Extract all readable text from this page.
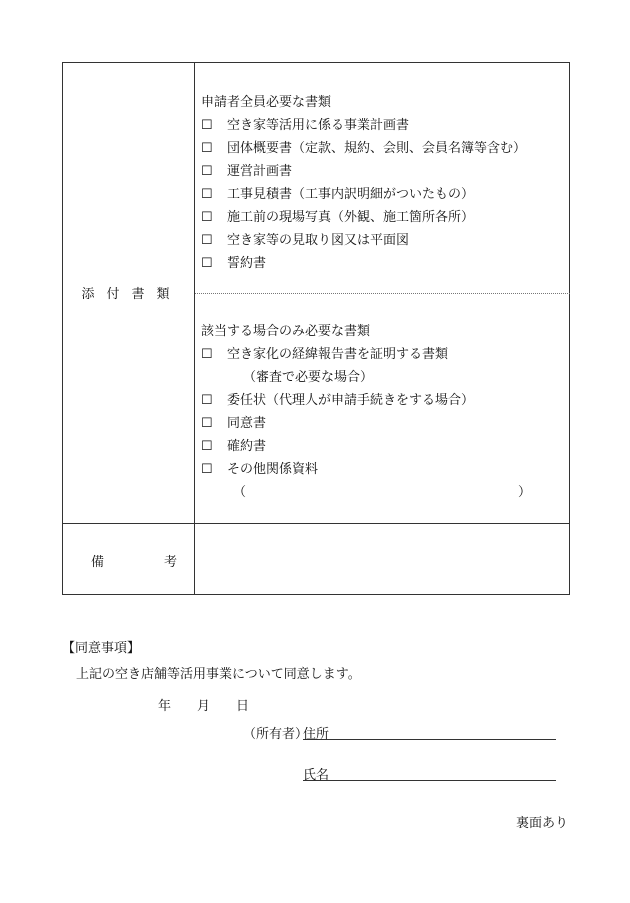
添付書類
備	考
申請者全員必要な書類
☐ 空き家等活用に係る事業計画書
☐ 団体概要書（定款、規約、会則、会員名簿等含む）
☐ 運営計画書
☐ 工事見積書（工事内訳明細がついたもの）
☐ 施工前の現場写真（外観、施工箇所各所）
☐ 空き家等の見取り図又は平面図
☐ 誓約書
該当する場合のみ必要な書類
☐ 空き家化の経緯報告書を証明する書類
（審査で必要な場合）
☐ 委任状（代理人が申請手続きをする場合）
☐ 同意書
☐ 確約書
☐ その他関係資料
（	）
【同意事項】
上記の空き店舗等活用事業について同意します。
年 月 日
（所有者）
住所
氏名
裏面あり
